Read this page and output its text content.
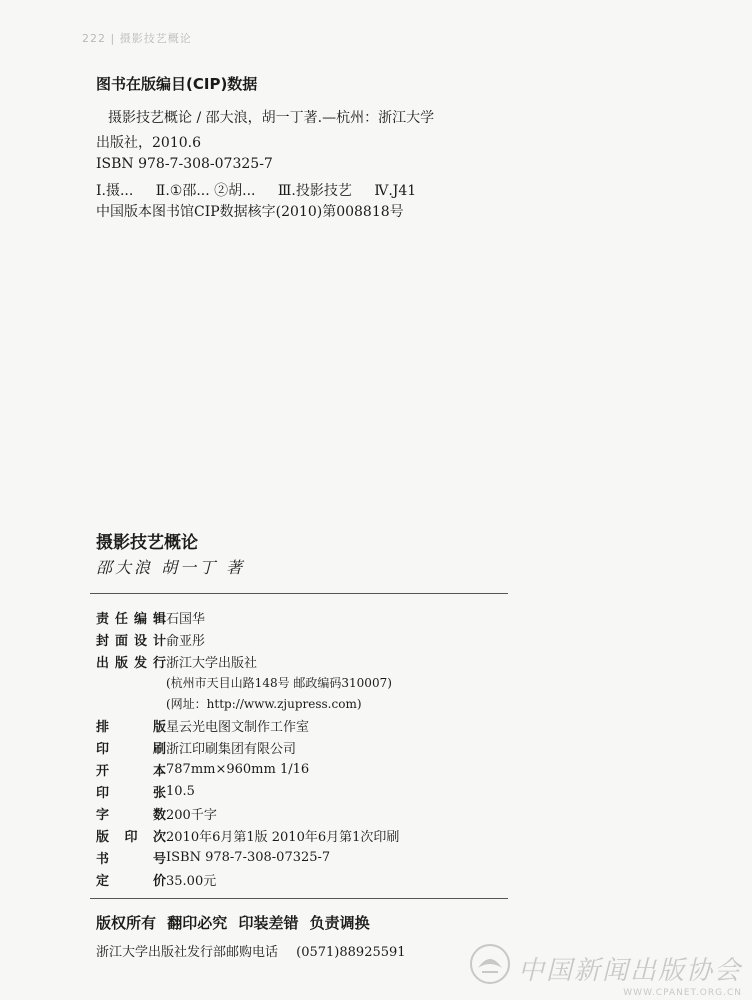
222 | 摄影技艺概论

图书在版编目(CIP)数据

摄影技艺概论 / 邵大浪，胡一丁著.—杭州：浙江大学

出版社，2010.6

ISBN 978-7-308-07325-7

Ⅰ.摄... Ⅱ.①邵... ②胡... Ⅲ.投影技艺 Ⅳ.J41

中国版本图书馆CIP数据核字(2010)第008818号

摄影技艺概论
邵大浪 胡一丁 著
责 任 编 辑 石国华
封 面 设 计 俞亚彤
出 版 发 行 浙江大学出版社
(杭州市天目山路148号 邮政编码310007)
(网址：http://www.zjupress.com)
排	版 星云光电图文制作工作室
印	刷 浙江印刷集团有限公司
开	本 787mm×960mm 1/16
印	张 10.5
字	数 200千字
版 印 次 2010年6月第1版 2010年6月第1次印刷
书	号 ISBN 978-7-308-07325-7
定	价 35.00元

版权所有 翻印必究 印装差错 负责调换

浙江大学出版社发行部邮购电话 (0571)88925591

中国新闻出版协会
WWW.CPANET.ORG.CN
